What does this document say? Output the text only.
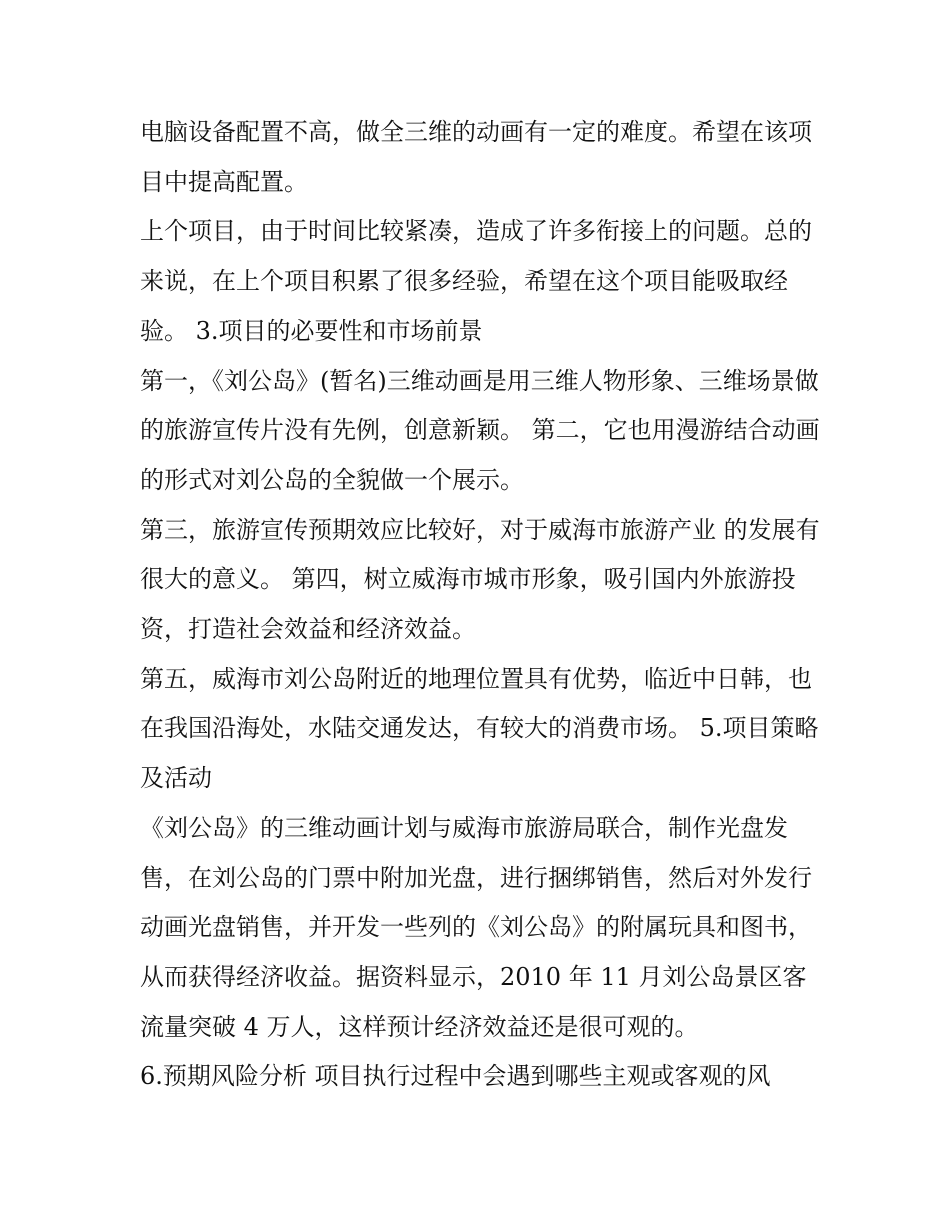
电脑设备配置不高，做全三维的动画有一定的难度。希望在该项目中提高配置。

上个项目，由于时间比较紧凑，造成了许多衔接上的问题。总的来说，在上个项目积累了很多经验，希望在这个项目能吸取经验。 3.项目的必要性和市场前景

第一，《刘公岛》(暂名)三维动画是用三维人物形象、三维场景做的旅游宣传片没有先例，创意新颖。 第二，它也用漫游结合动画的形式对刘公岛的全貌做一个展示。

第三，旅游宣传预期效应比较好，对于威海市旅游产业 的发展有很大的意义。 第四，树立威海市城市形象，吸引国内外旅游投资，打造社会效益和经济效益。

第五，威海市刘公岛附近的地理位置具有优势，临近中日韩，也在我国沿海处，水陆交通发达，有较大的消费市场。 5.项目策略及活动

《刘公岛》的三维动画计划与威海市旅游局联合，制作光盘发售，在刘公岛的门票中附加光盘，进行捆绑销售，然后对外发行动画光盘销售，并开发一些列的《刘公岛》的附属玩具和图书，从而获得经济收益。据资料显示，2010 年 11 月刘公岛景区客流量突破 4 万人，这样预计经济效益还是很可观的。

6.预期风险分析 项目执行过程中会遇到哪些主观或客观的风
